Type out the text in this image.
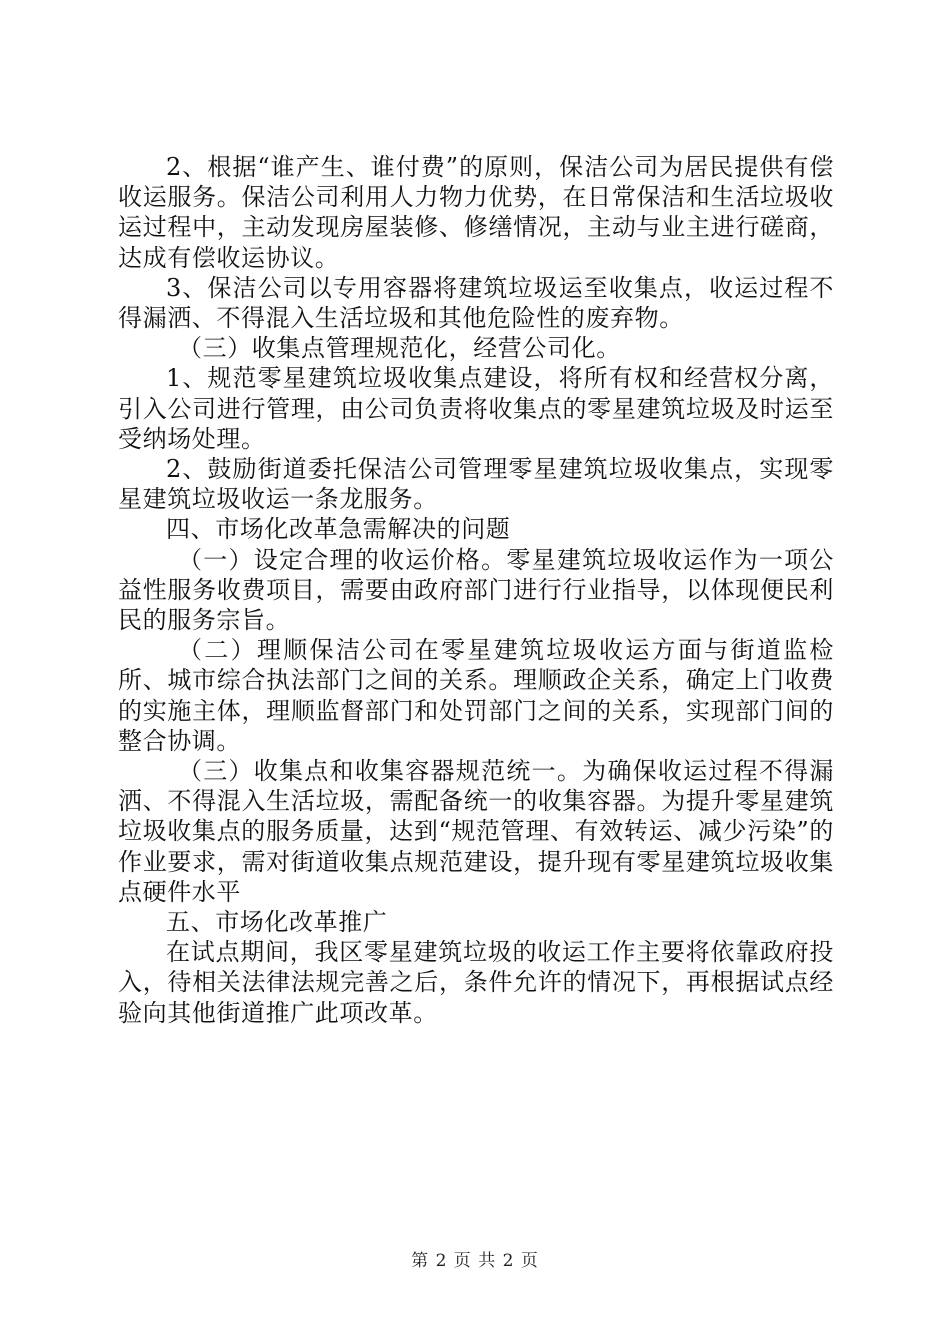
2、根据“谁产生、谁付费”的原则，保洁公司为居民提供有偿收运服务。保洁公司利用人力物力优势，在日常保洁和生活垃圾收运过程中，主动发现房屋装修、修缮情况，主动与业主进行磋商，达成有偿收运协议。

3、保洁公司以专用容器将建筑垃圾运至收集点，收运过程不得漏洒、不得混入生活垃圾和其他危险性的废弃物。

（三）收集点管理规范化，经营公司化。

1、规范零星建筑垃圾收集点建设，将所有权和经营权分离，引入公司进行管理，由公司负责将收集点的零星建筑垃圾及时运至受纳场处理。

2、鼓励街道委托保洁公司管理零星建筑垃圾收集点，实现零星建筑垃圾收运一条龙服务。

四、市场化改革急需解决的问题

（一）设定合理的收运价格。零星建筑垃圾收运作为一项公益性服务收费项目，需要由政府部门进行行业指导，以体现便民利民的服务宗旨。

（二）理顺保洁公司在零星建筑垃圾收运方面与街道监检所、城市综合执法部门之间的关系。理顺政企关系，确定上门收费的实施主体，理顺监督部门和处罚部门之间的关系，实现部门间的整合协调。

（三）收集点和收集容器规范统一。为确保收运过程不得漏洒、不得混入生活垃圾，需配备统一的收集容器。为提升零星建筑垃圾收集点的服务质量，达到“规范管理、有效转运、减少污染”的作业要求，需对街道收集点规范建设，提升现有零星建筑垃圾收集点硬件水平

五、市场化改革推广

在试点期间，我区零星建筑垃圾的收运工作主要将依靠政府投入，待相关法律法规完善之后，条件允许的情况下，再根据试点经验向其他街道推广此项改革。

第 2 页 共 2 页
